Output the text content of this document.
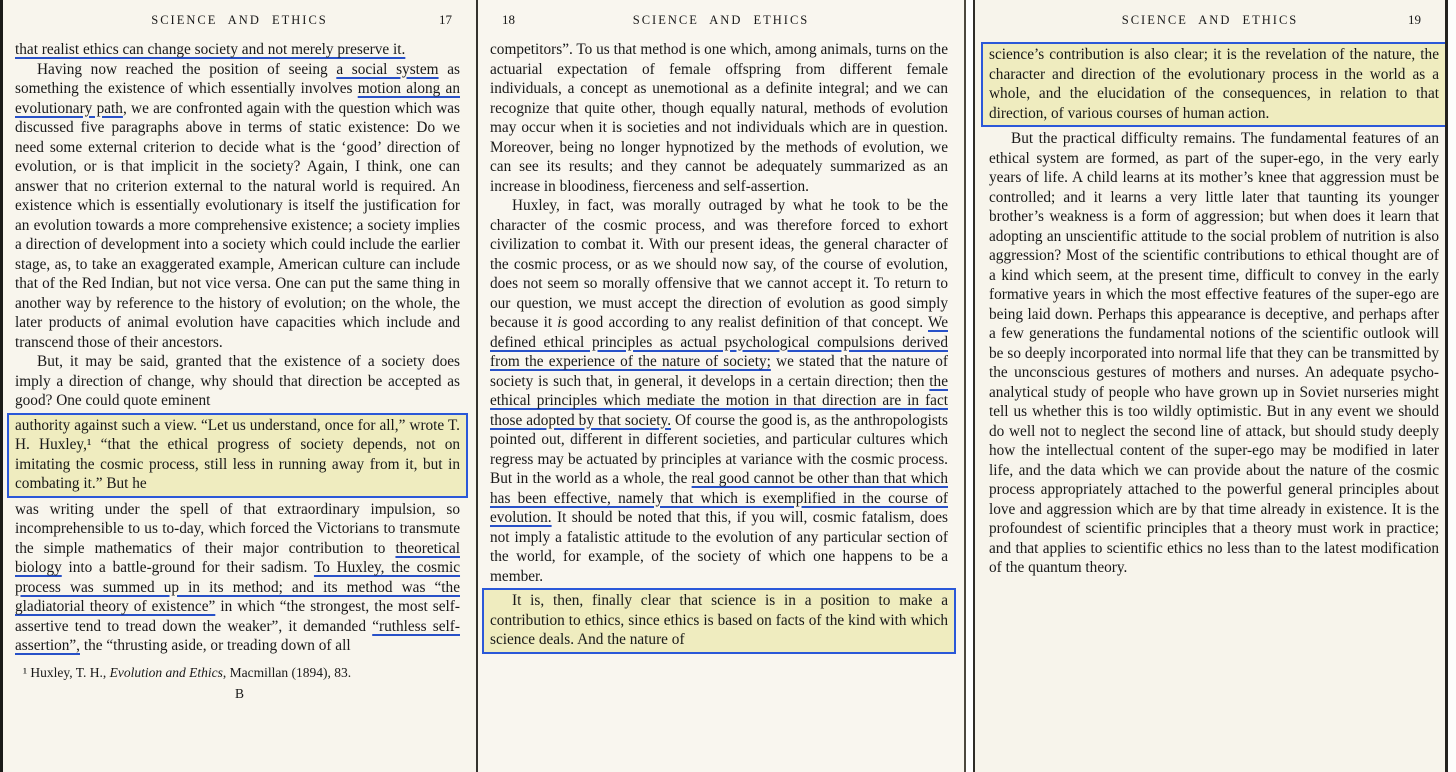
SCIENCE AND ETHICS	17

that realist ethics can change society and not merely preserve it.

Having now reached the position of seeing a social system as something the existence of which essentially involves motion along an evolutionary path, we are confronted again with the question which was discussed five paragraphs above in terms of static existence: Do we need some external criterion to decide what is the ‘good’ direction of evolution, or is that implicit in the society? Again, I think, one can answer that no criterion external to the natural world is required. An existence which is essentially evolutionary is itself the justification for an evolution towards a more comprehensive existence; a society implies a direction of development into a society which could include the earlier stage, as, to take an exaggerated example, American culture can include that of the Red Indian, but not vice versa. One can put the same thing in another way by reference to the history of evolution; on the whole, the later products of animal evolution have capacities which include and transcend those of their ancestors.

But, it may be said, granted that the existence of a society does imply a direction of change, why should that direction be accepted as good? One could quote eminent

authority against such a view. “Let us understand, once for all,” wrote T. H. Huxley,¹ “that the ethical progress of society depends, not on imitating the cosmic process, still less in running away from it, but in combating it.” But he

was writing under the spell of that extraordinary impulsion, so incomprehensible to us to-day, which forced the Victorians to transmute the simple mathematics of their major contribution to theoretical biology into a battle-ground for their sadism. To Huxley, the cosmic process was summed up in its method; and its method was “the gladiatorial theory of existence” in which “the strongest, the most self-assertive tend to tread down the weaker”, it demanded “ruthless self-assertion”, the “thrusting aside, or treading down of all

¹ Huxley, T. H., Evolution and Ethics, Macmillan (1894), 83.
B
18	SCIENCE AND ETHICS

competitors”. To us that method is one which, among animals, turns on the actuarial expectation of female offspring from different female individuals, a concept as unemotional as a definite integral; and we can recognize that quite other, though equally natural, methods of evolution may occur when it is societies and not individuals which are in question. Moreover, being no longer hypnotized by the methods of evolution, we can see its results; and they cannot be adequately summarized as an increase in bloodiness, fierceness and self-assertion.

Huxley, in fact, was morally outraged by what he took to be the character of the cosmic process, and was therefore forced to exhort civilization to combat it. With our present ideas, the general character of the cosmic process, or as we should now say, of the course of evolution, does not seem so morally offensive that we cannot accept it. To return to our question, we must accept the direction of evolution as good simply because it is good according to any realist definition of that concept. We defined ethical principles as actual psychological compulsions derived from the experience of the nature of society; we stated that the nature of society is such that, in general, it develops in a certain direction; then the ethical principles which mediate the motion in that direction are in fact those adopted by that society. Of course the good is, as the anthropologists pointed out, different in different societies, and particular cultures which regress may be actuated by principles at variance with the cosmic process. But in the world as a whole, the real good cannot be other than that which has been effective, namely that which is exemplified in the course of evolution. It should be noted that this, if you will, cosmic fatalism, does not imply a fatalistic attitude to the evolution of any particular section of the world, for example, of the society of which one happens to be a member.

It is, then, finally clear that science is in a position to make a contribution to ethics, since ethics is based on facts of the kind with which science deals. And the nature of

SCIENCE AND ETHICS	19

science’s contribution is also clear; it is the revelation of the nature, the character and direction of the evolutionary process in the world as a whole, and the elucidation of the consequences, in relation to that direction, of various courses of human action.

But the practical difficulty remains. The fundamental features of an ethical system are formed, as part of the super-ego, in the very early years of life. A child learns at its mother’s knee that aggression must be controlled; and it learns a very little later that taunting its younger brother’s weakness is a form of aggression; but when does it learn that adopting an unscientific attitude to the social problem of nutrition is also aggression? Most of the scientific contributions to ethical thought are of a kind which seem, at the present time, difficult to convey in the early formative years in which the most effective features of the super-ego are being laid down. Perhaps this appearance is deceptive, and perhaps after a few generations the fundamental notions of the scientific outlook will be so deeply incorporated into normal life that they can be transmitted by the unconscious gestures of mothers and nurses. An adequate psycho-analytical study of people who have grown up in Soviet nurseries might tell us whether this is too wildly optimistic. But in any event we should do well not to neglect the second line of attack, but should study deeply how the intellectual content of the super-ego may be modified in later life, and the data which we can provide about the nature of the cosmic process appropriately attached to the powerful general principles about love and aggression which are by that time already in existence. It is the profoundest of scientific principles that a theory must work in practice; and that applies to scientific ethics no less than to the latest modification of the quantum theory.
